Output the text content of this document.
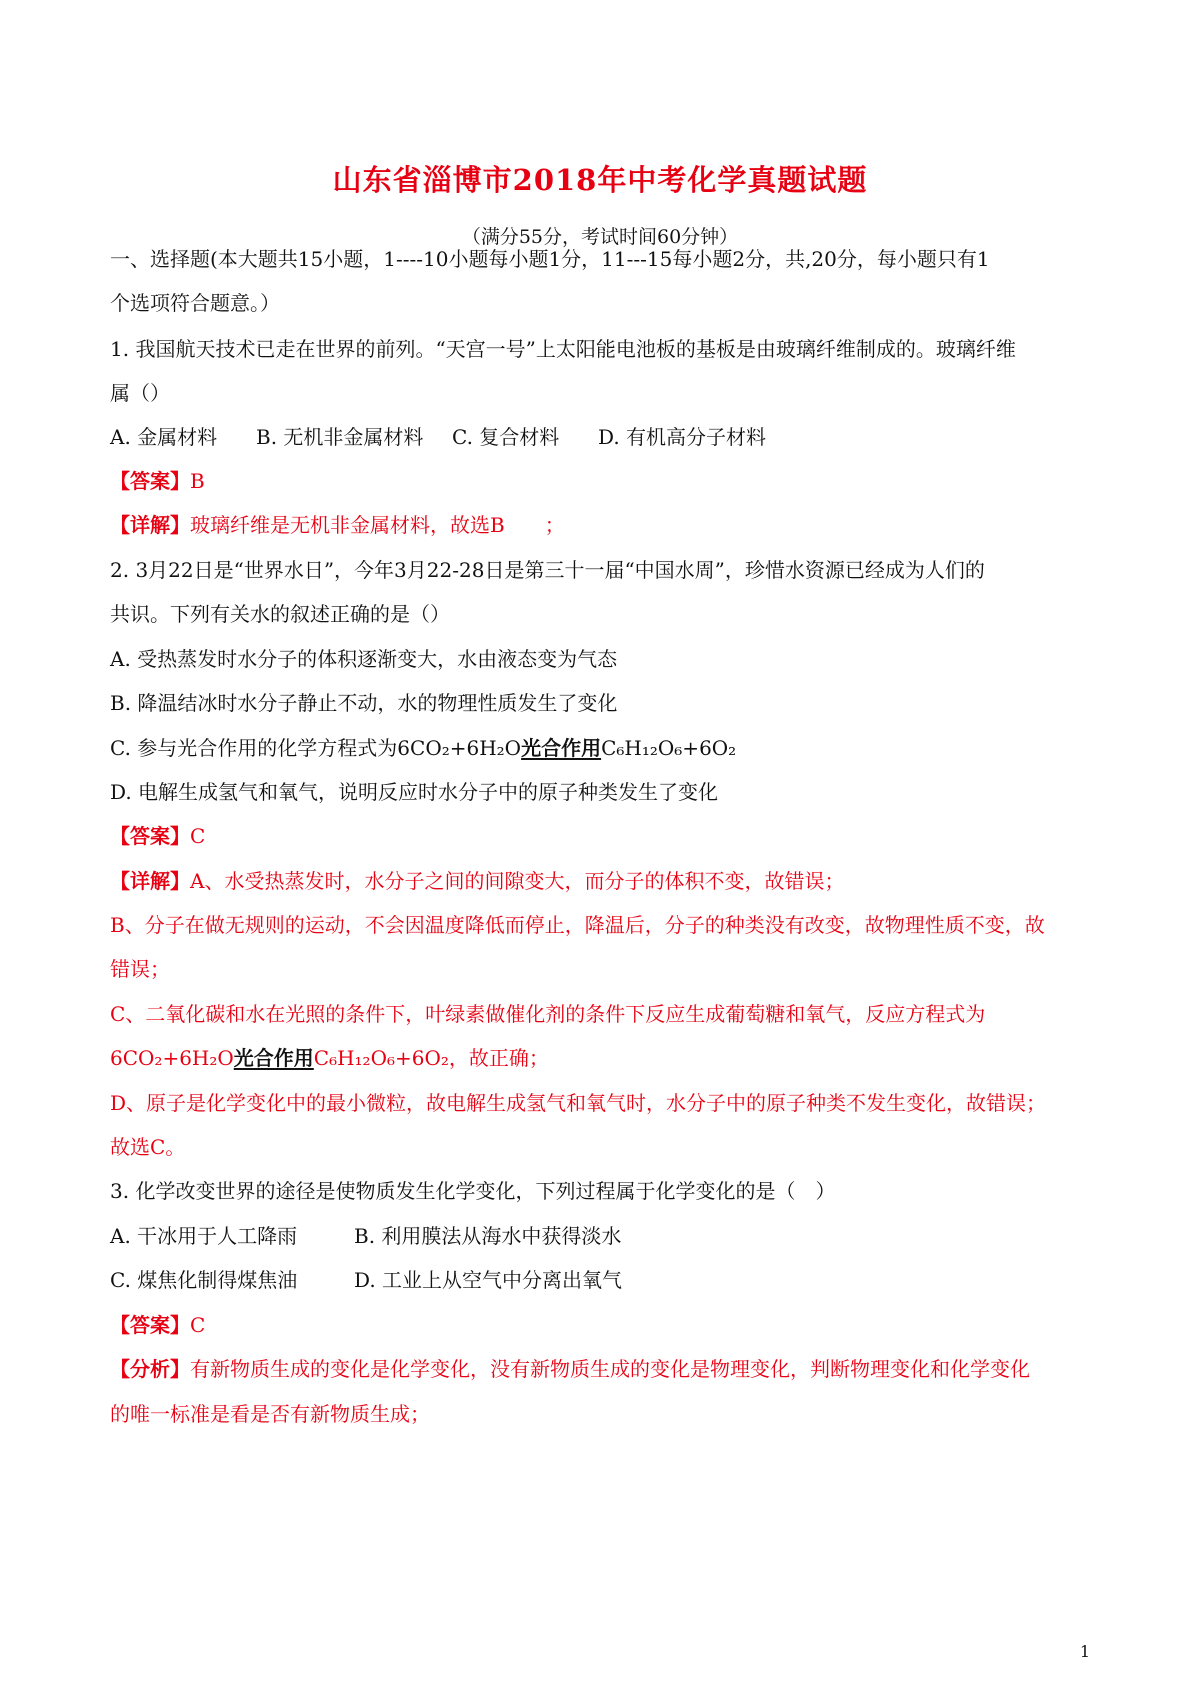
山东省淄博市2018年中考化学真题试题
（满分55分，考试时间60分钟）
一、选择题(本大题共15小题，1----10小题每小题1分，11---15每小题2分，共,20分，每小题只有1
个选项符合题意。）
1. 我国航天技术已走在世界的前列。“天宫一号”上太阳能电池板的基板是由玻璃纤维制成的。玻璃纤维
属（）
A. 金属材料 B. 无机非金属材料 C. 复合材料 D. 有机高分子材料
【答案】B
【详解】玻璃纤维是无机非金属材料，故选B　　；
2. 3月22日是“世界水日”，今年3月22-28日是第三十一届“中国水周”，珍惜水资源已经成为人们的
共识。下列有关水的叙述正确的是（）
A. 受热蒸发时水分子的体积逐渐变大，水由液态变为气态
B. 降温结冰时水分子静止不动，水的物理性质发生了变化
C. 参与光合作用的化学方程式为6CO₂+6H₂O光合作用C₆H₁₂O₆+6O₂
D. 电解生成氢气和氧气，说明反应时水分子中的原子种类发生了变化
【答案】C
【详解】A、水受热蒸发时，水分子之间的间隙变大，而分子的体积不变，故错误；
B、分子在做无规则的运动，不会因温度降低而停止，降温后，分子的种类没有改变，故物理性质不变，故
错误；
C、二氧化碳和水在光照的条件下，叶绿素做催化剂的条件下反应生成葡萄糖和氧气，反应方程式为
6CO₂+6H₂O光合作用C₆H₁₂O₆+6O₂，故正确；
D、原子是化学变化中的最小微粒，故电解生成氢气和氧气时，水分子中的原子种类不发生变化，故错误；
故选C。
3. 化学改变世界的途径是使物质发生化学变化，下列过程属于化学变化的是（　）
A. 干冰用于人工降雨	B. 利用膜法从海水中获得淡水
C. 煤焦化制得煤焦油	D. 工业上从空气中分离出氧气
【答案】C
【分析】有新物质生成的变化是化学变化，没有新物质生成的变化是物理变化，判断物理变化和化学变化
的唯一标准是看是否有新物质生成；
1
